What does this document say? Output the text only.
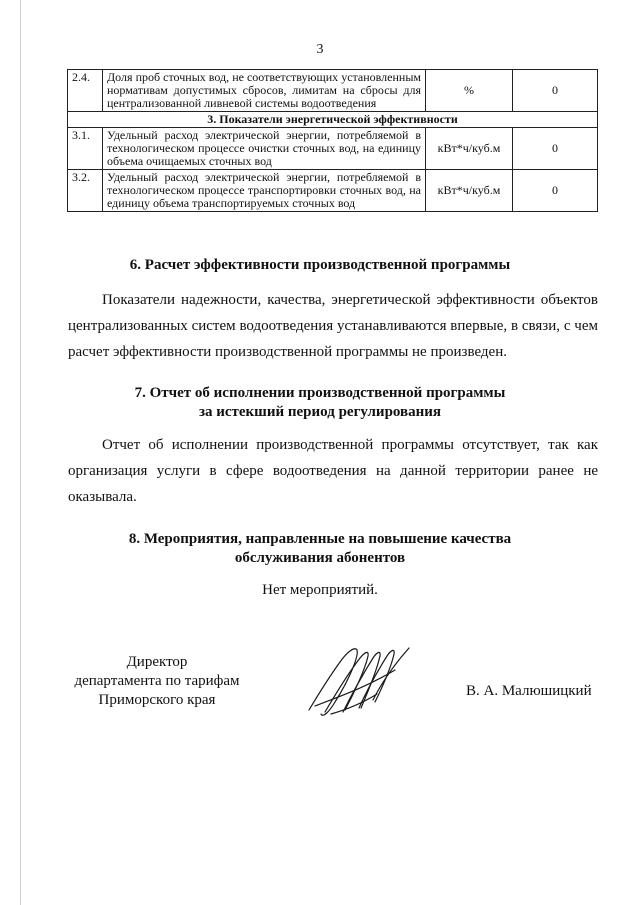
3
2.4.	Доля проб сточных вод, не соответствующих установленным нормативам допустимых сбросов, лимитам на сбросы для централизованной ливневой системы водоотведения	%	0
3. Показатели энергетической эффективности			
3.1.	Удельный расход электрической энергии, потребляемой в технологическом процессе очистки сточных вод, на единицу объема очищаемых сточных вод	кВт*ч/куб.м	0
3.2.	Удельный расход электрической энергии, потребляемой в технологическом процессе транспортировки сточных вод, на единицу объема транспортируемых сточных вод	кВт*ч/куб.м	0
6. Расчет эффективности производственной программы
Показатели надежности, качества, энергетической эффективности объектов централизованных систем водоотведения устанавливаются впервые, в связи, с чем расчет эффективности производственной программы не произведен.
7. Отчет об исполнении производственной программы
за истекший период регулирования
Отчет об исполнении производственной программы отсутствует, так как организация услуги в сфере водоотведения на данной территории ранее не оказывала.
8. Мероприятия, направленные на повышение качества
обслуживания абонентов
Нет мероприятий.
Директор
департамента по тарифам
Приморского края
В. А. Малюшицкий
